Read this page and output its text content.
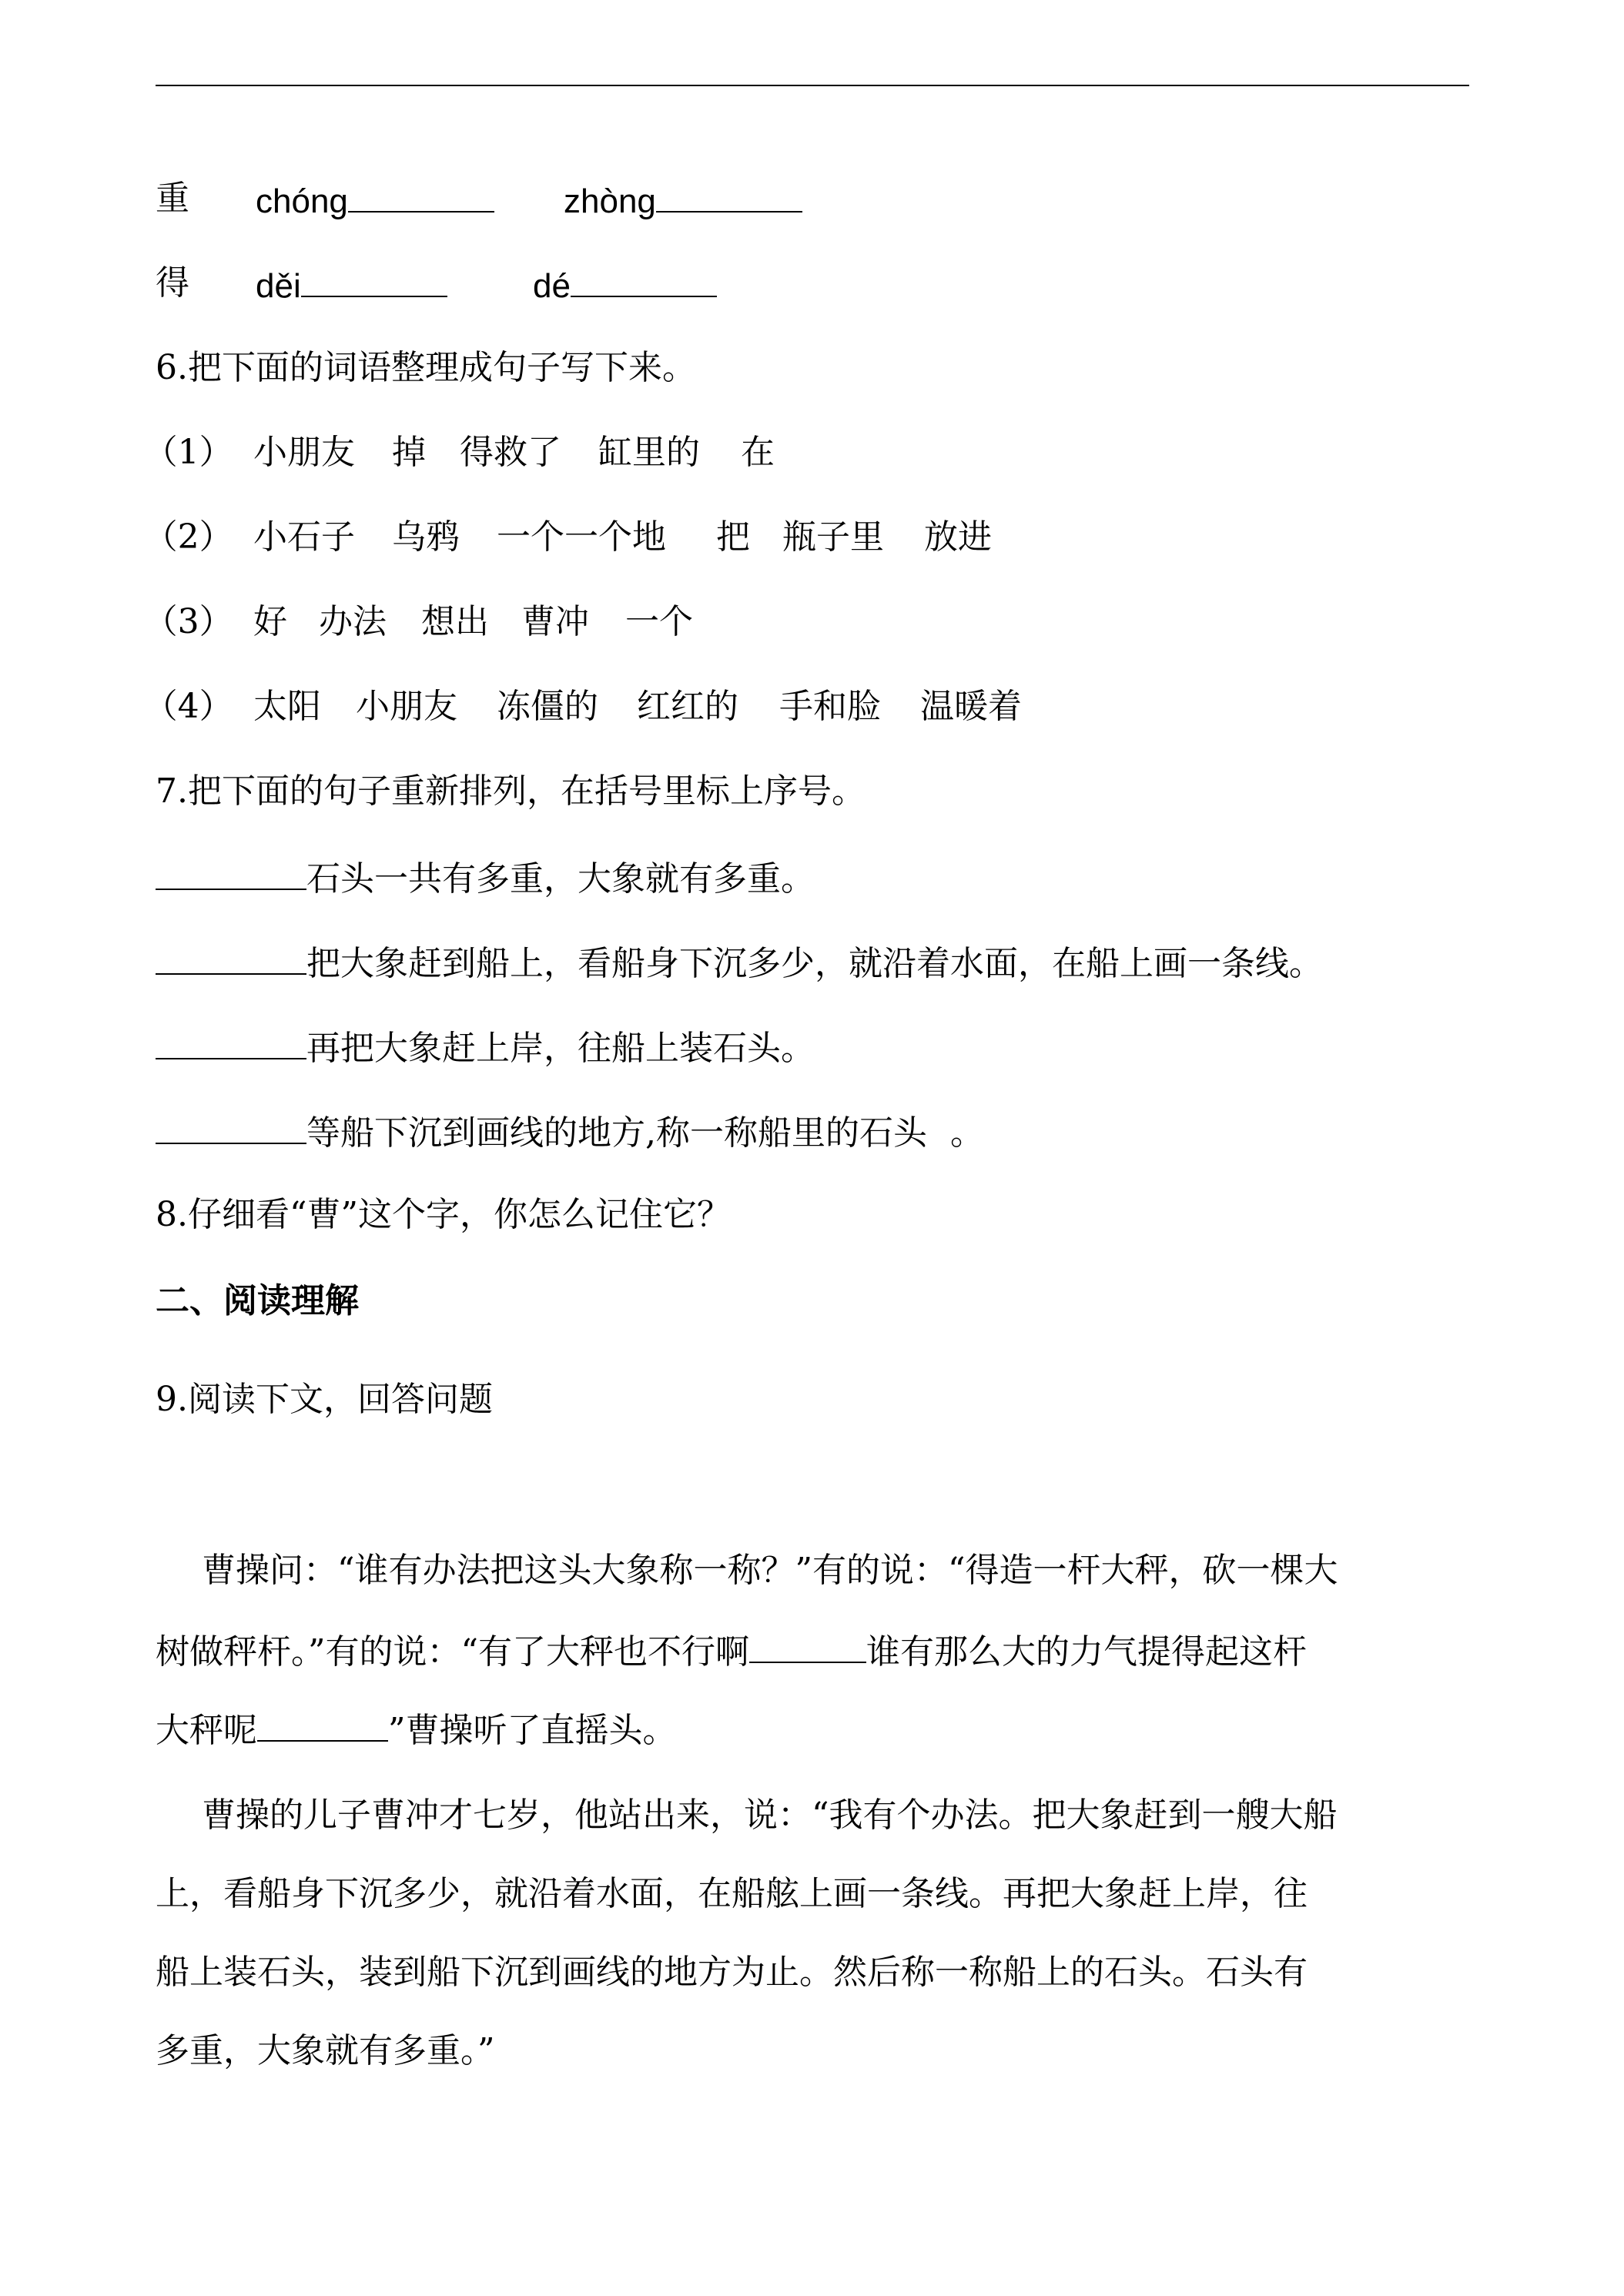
重 chóng	zhòng
得 děi	dé
6.把下面的词语整理成句子写下来。
（1） 小朋友 掉 得救了 缸里的 在
（2） 小石子 乌鸦 一个一个地 把 瓶子里 放进
（3） 好 办法 想出 曹冲 一个
（4） 太阳 小朋友 冻僵的 红红的 手和脸 温暖着
7.把下面的句子重新排列，在括号里标上序号。
石头一共有多重，大象就有多重。
把大象赶到船上，看船身下沉多少，就沿着水面，在船上画一条线。
再把大象赶上岸，往船上装石头。
等船下沉到画线的地方,称一称船里的石头 。
8.仔细看“曹”这个字，你怎么记住它？
二、阅读理解
9.阅读下文，回答问题
曹操问：“谁有办法把这头大象称一称？”有的说：“得造一杆大秤，砍一棵大
树做秤杆。”有的说：“有了大秤也不行啊	谁有那么大的力气提得起这杆
大秤呢	”曹操听了直摇头。
曹操的儿子曹冲才七岁，他站出来，说：“我有个办法。把大象赶到一艘大船
上，看船身下沉多少，就沿着水面，在船舷上画一条线。再把大象赶上岸，往
船上装石头，装到船下沉到画线的地方为止。然后称一称船上的石头。石头有
多重，大象就有多重。”
